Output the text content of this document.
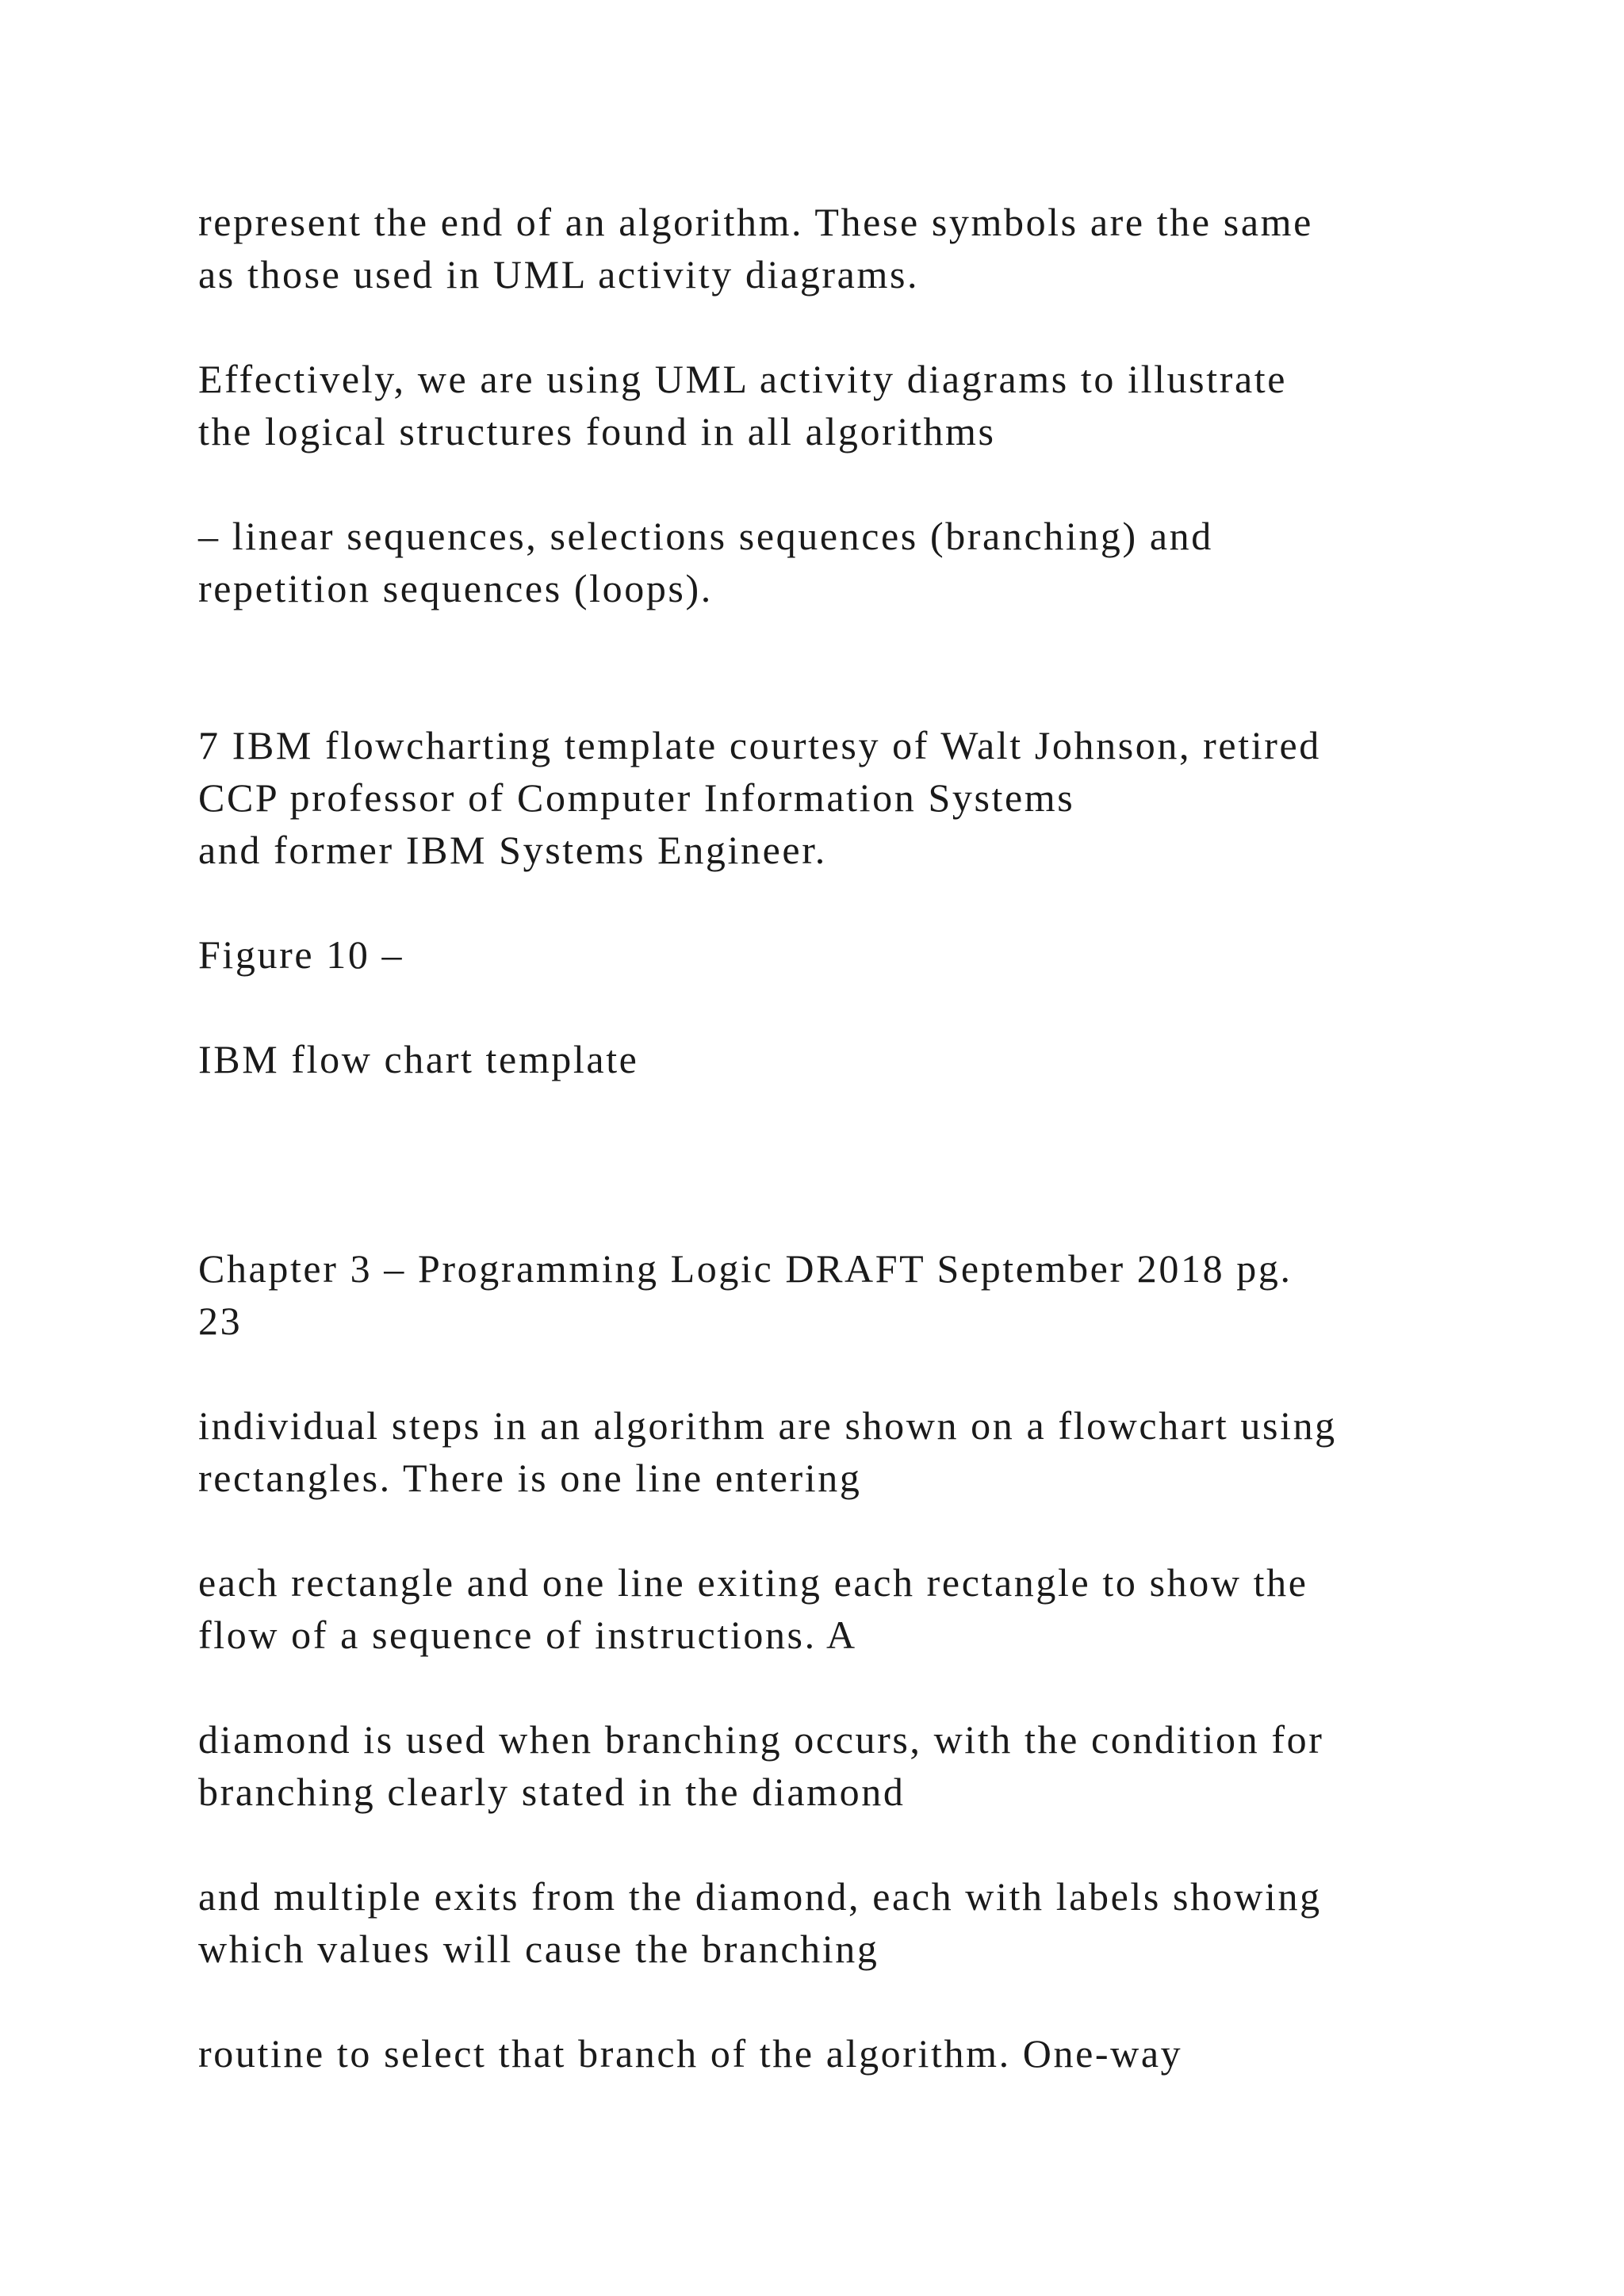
represent the end of an algorithm. These symbols are the same
as those used in UML activity diagrams.

Effectively, we are using UML activity diagrams to illustrate
the logical structures found in all algorithms

– linear sequences, selections sequences (branching) and
repetition sequences (loops).

7 IBM flowcharting template courtesy of Walt Johnson, retired
CCP professor of Computer Information Systems
and former IBM Systems Engineer.

Figure 10 –

IBM flow chart template

Chapter 3 – Programming Logic DRAFT September 2018 pg.
23

individual steps in an algorithm are shown on a flowchart using
rectangles. There is one line entering

each rectangle and one line exiting each rectangle to show the
flow of a sequence of instructions. A

diamond is used when branching occurs, with the condition for
branching clearly stated in the diamond

and multiple exits from the diamond, each with labels showing
which values will cause the branching

routine to select that branch of the algorithm. One-way
